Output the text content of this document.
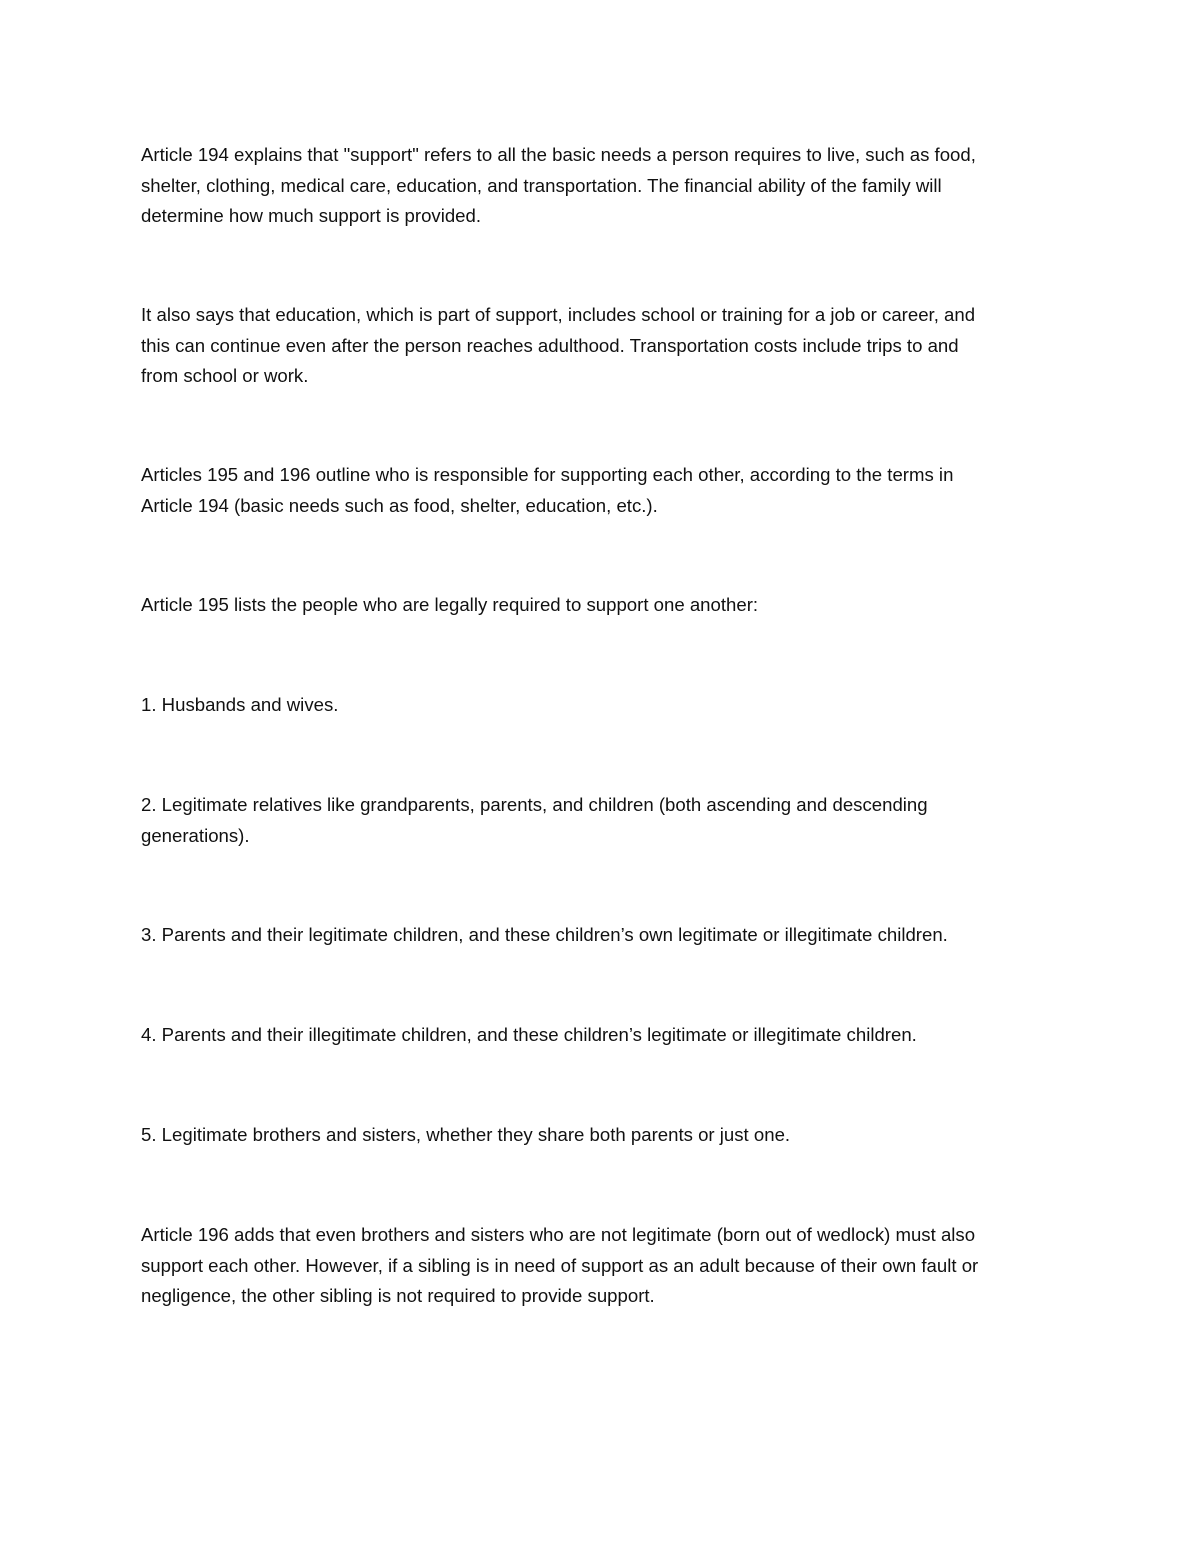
Article 194 explains that "support" refers to all the basic needs a person requires to live, such as food,
shelter, clothing, medical care, education, and transportation. The financial ability of the family will
determine how much support is provided.

It also says that education, which is part of support, includes school or training for a job or career, and
this can continue even after the person reaches adulthood. Transportation costs include trips to and
from school or work.

Articles 195 and 196 outline who is responsible for supporting each other, according to the terms in
Article 194 (basic needs such as food, shelter, education, etc.).

Article 195 lists the people who are legally required to support one another:

1. Husbands and wives.

2. Legitimate relatives like grandparents, parents, and children (both ascending and descending
generations).

3. Parents and their legitimate children, and these children’s own legitimate or illegitimate children.

4. Parents and their illegitimate children, and these children’s legitimate or illegitimate children.

5. Legitimate brothers and sisters, whether they share both parents or just one.

Article 196 adds that even brothers and sisters who are not legitimate (born out of wedlock) must also
support each other. However, if a sibling is in need of support as an adult because of their own fault or
negligence, the other sibling is not required to provide support.
